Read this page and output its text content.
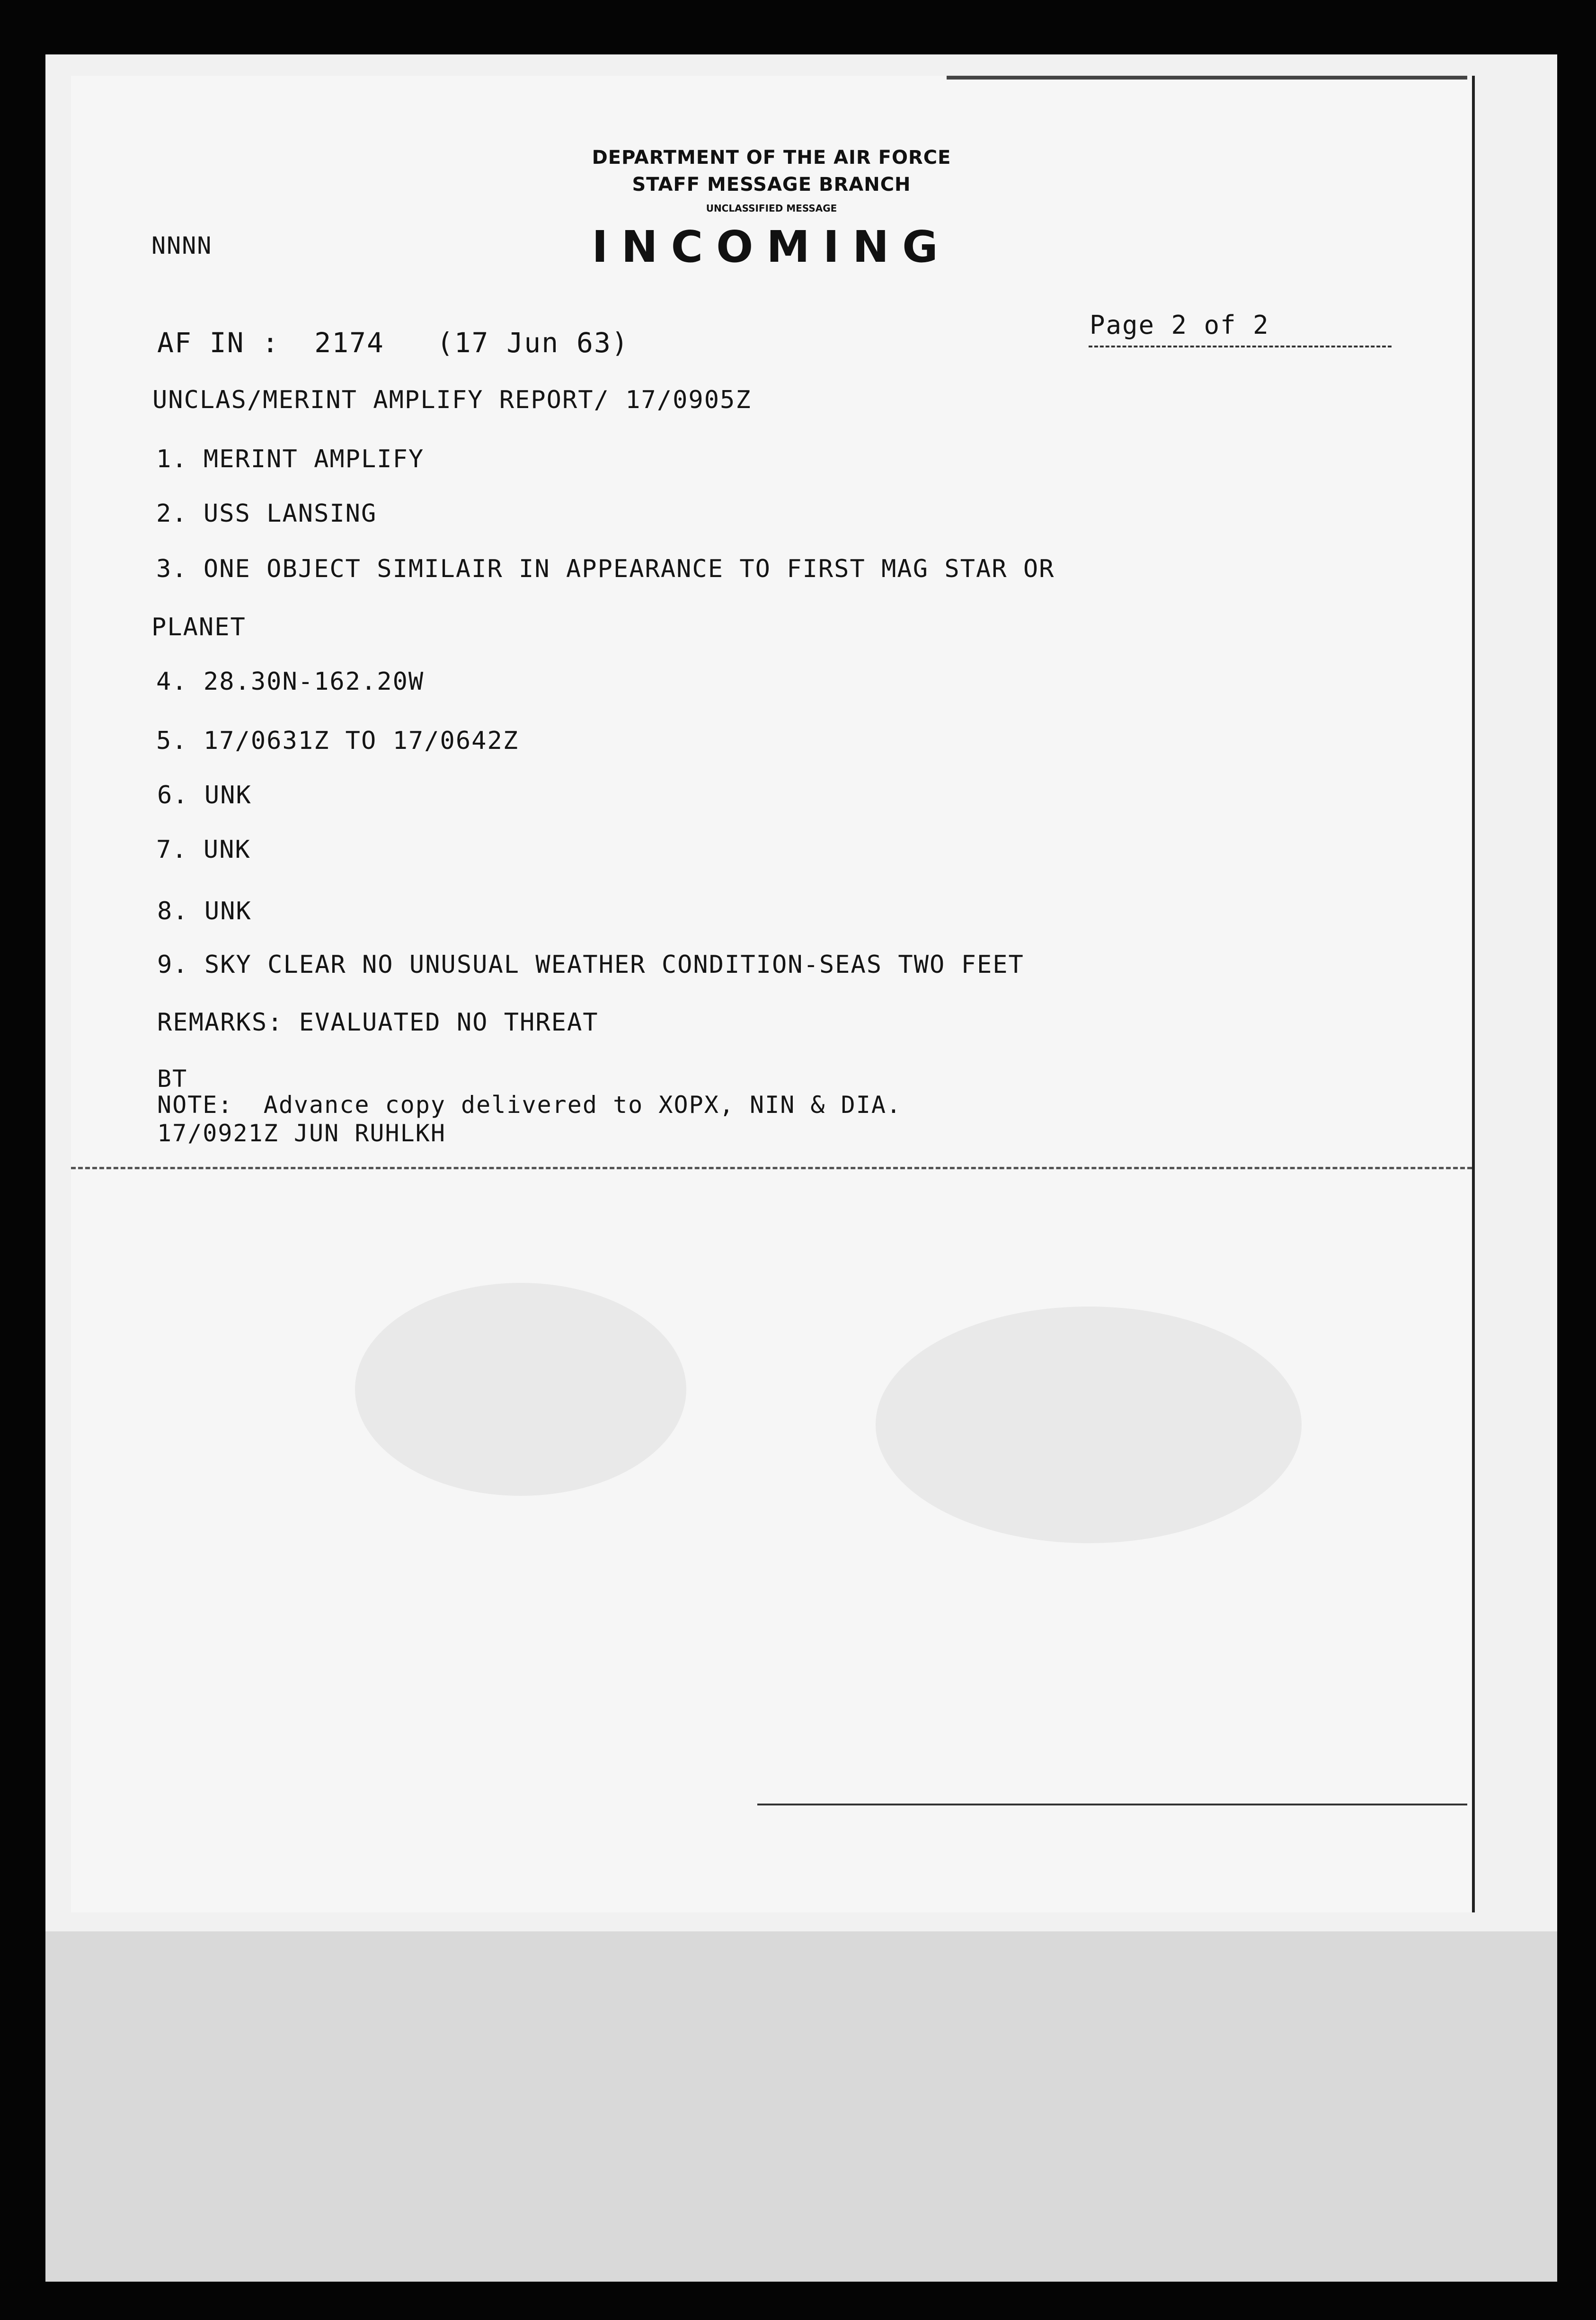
DEPARTMENT OF THE AIR FORCE
STAFF MESSAGE BRANCH
UNCLASSIFIED MESSAGE
INCOMING
NNNN
AF IN :  2174   (17 Jun 63)
Page 2 of 2
UNCLAS/MERINT AMPLIFY REPORT/ 17/0905Z
1. MERINT AMPLIFY
2. USS LANSING
3. ONE OBJECT SIMILAIR IN APPEARANCE TO FIRST MAG STAR OR
PLANET
4. 28.30N-162.20W
5. 17/0631Z TO 17/0642Z
6. UNK
7. UNK
8. UNK
9. SKY CLEAR NO UNUSUAL WEATHER CONDITION-SEAS TWO FEET
REMARKS: EVALUATED NO THREAT
BT
NOTE:  Advance copy delivered to XOPX, NIN & DIA.
17/0921Z JUN RUHLKH
